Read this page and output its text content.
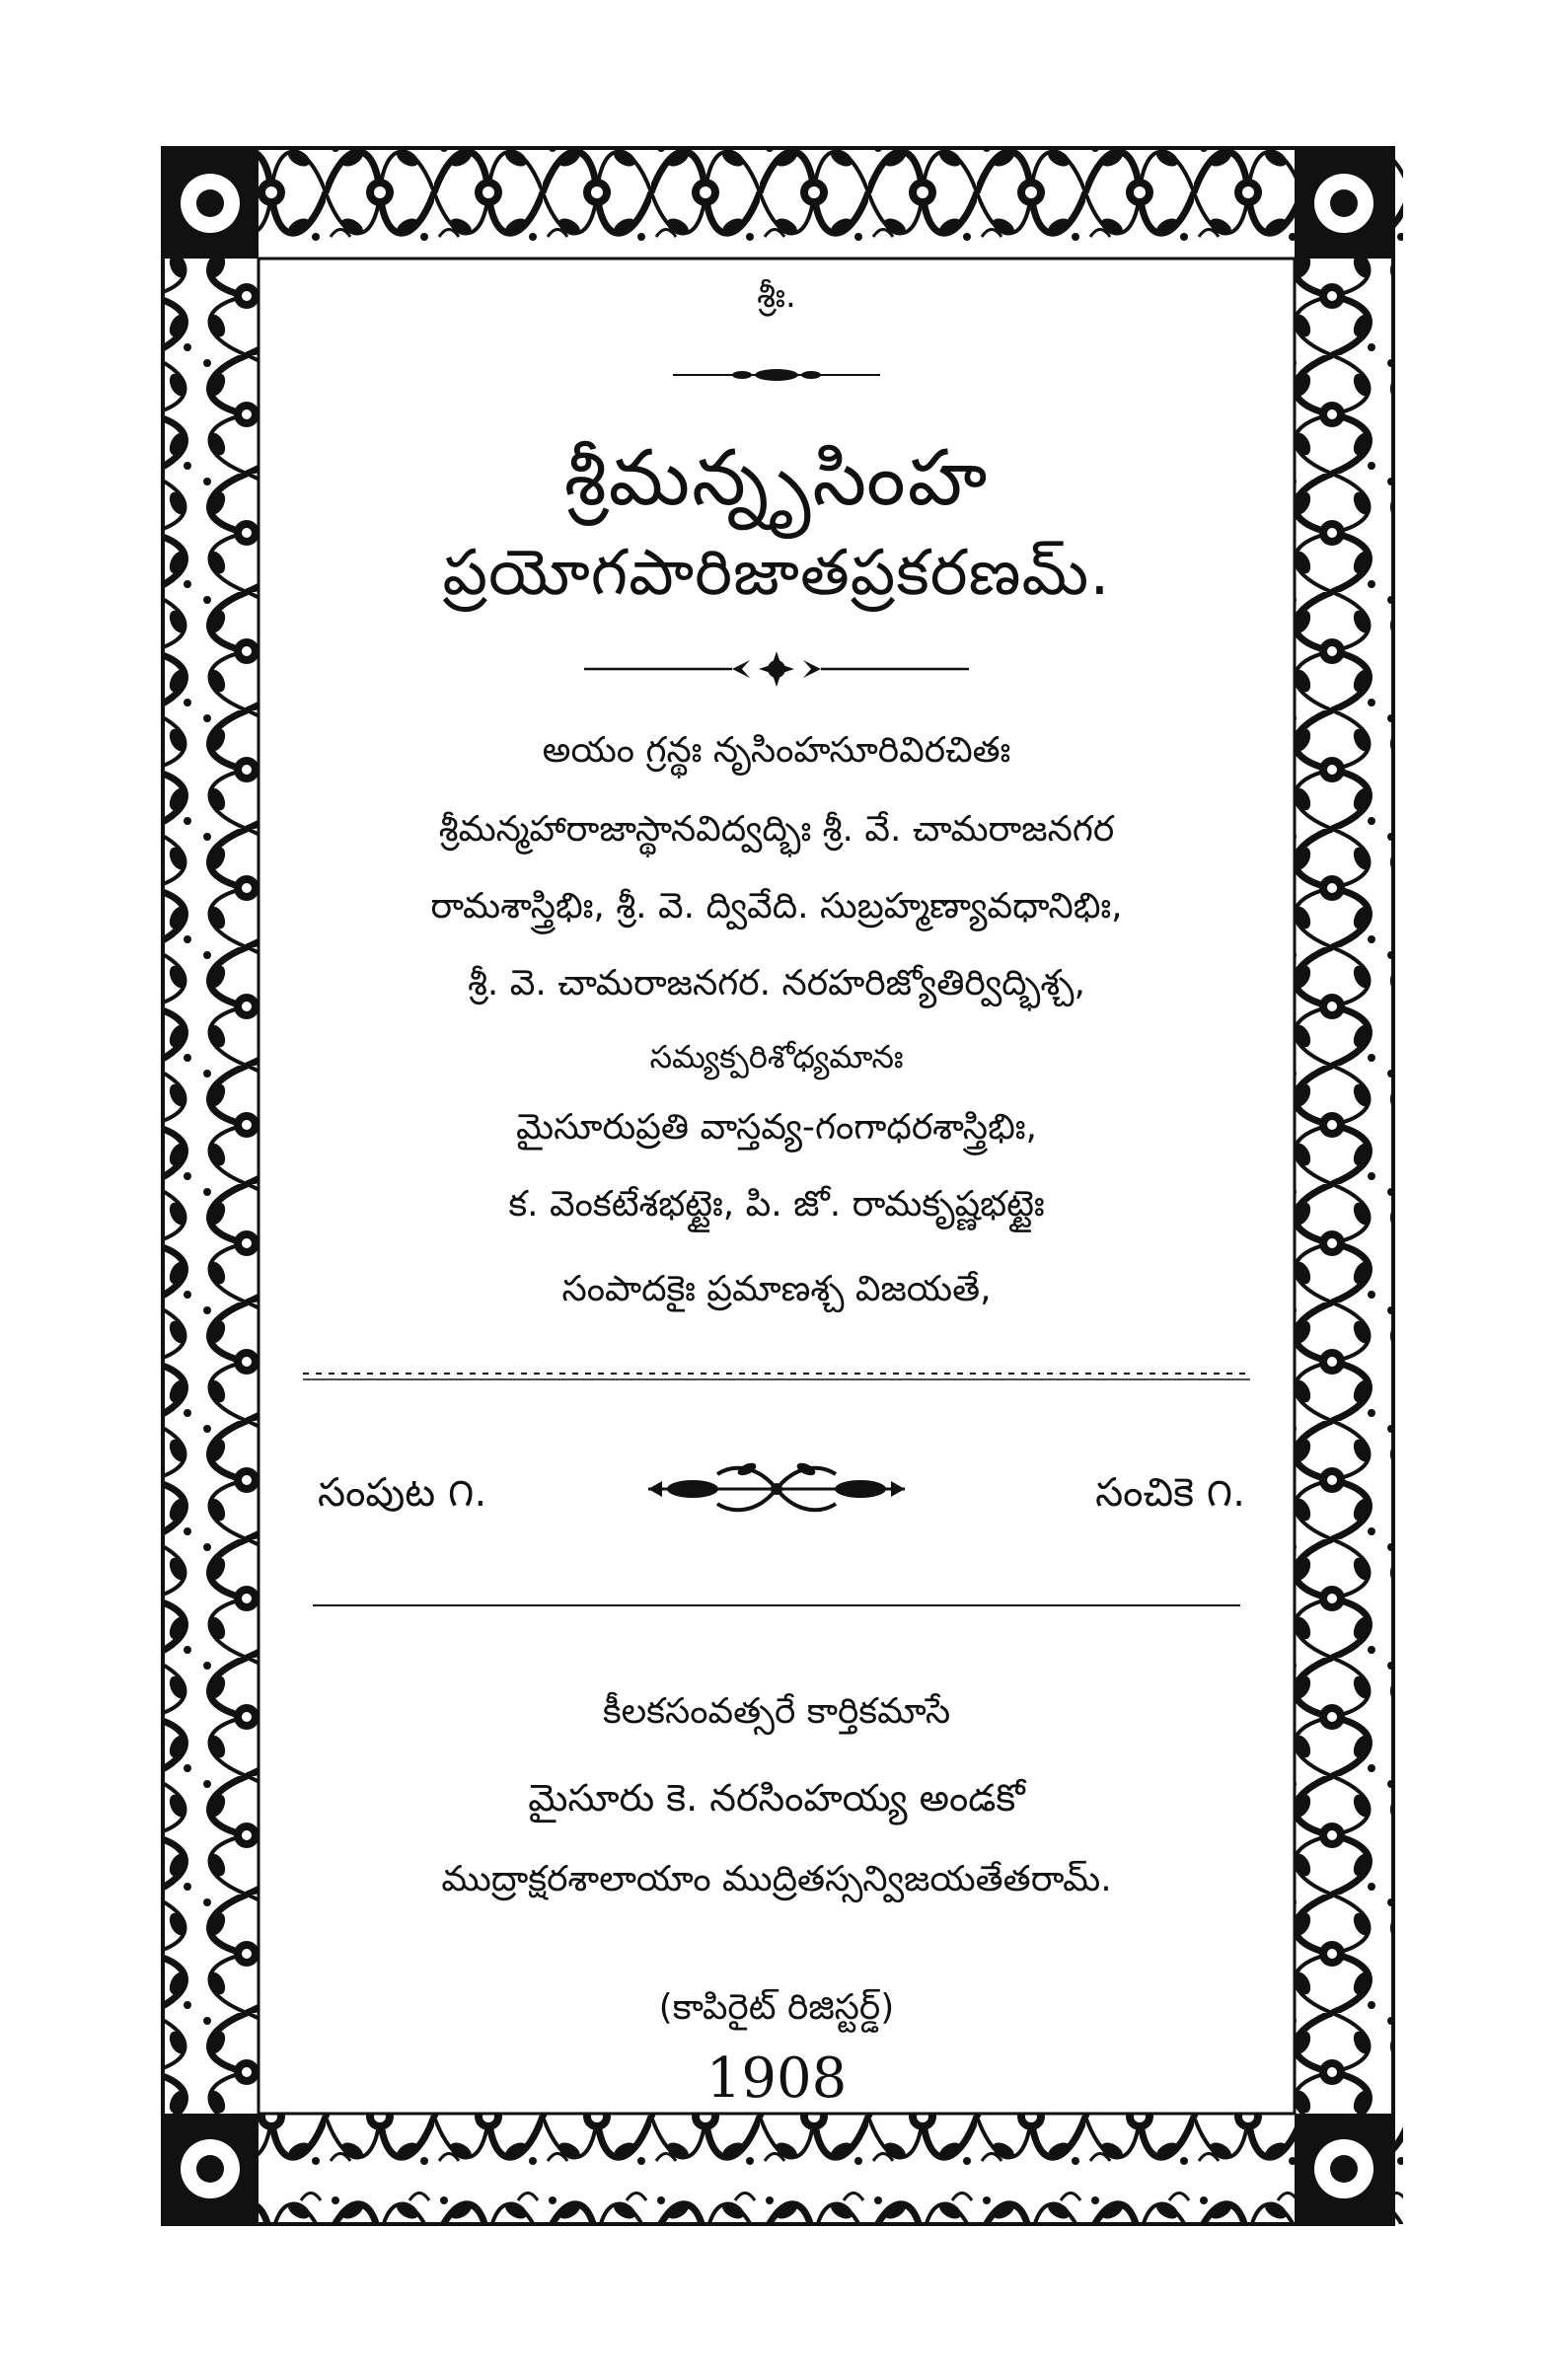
శ్రీః.
శ్రీమన్నృసింహ
ప్రయోగపారిజాతప్రకరణమ్.
అయం గ్రన్థః నృసింహసూరివిరచితః
శ్రీమన్మహారాజాస్థానవిద్వద్భిః శ్రీ. వే. చామరాజనగర
రామశాస్త్రిభిః, శ్రీ. వె. ద్వివేది. సుబ్రహ్మణ్యావధానిభిః,
శ్రీ. వె. చామరాజనగర. నరహరిజ్యోతిర్విద్భిశ్చ,
సమ్యక్పరిశోధ్యమానః
మైసూరుప్రతి వాస్తవ్య-గంగాధరశాస్త్రిభిః,
క. వెంకటేశభట్టైః, పి. జో. రామకృష్ణభట్టైః
సంపాదకైః ప్రమాణశ్చ విజయతే,
సంపుట ౧.	సంచికె ౧.
కీలకసంవత్సరే కార్తికమాసే
మైసూరు కె. నరసింహయ్య అండకో
ముద్రాక్షరశాలాయాం ముద్రితస్సన్విజయతేతరామ్.
(కాపిరైట్ రిజిస్టర్డ్)
1908
